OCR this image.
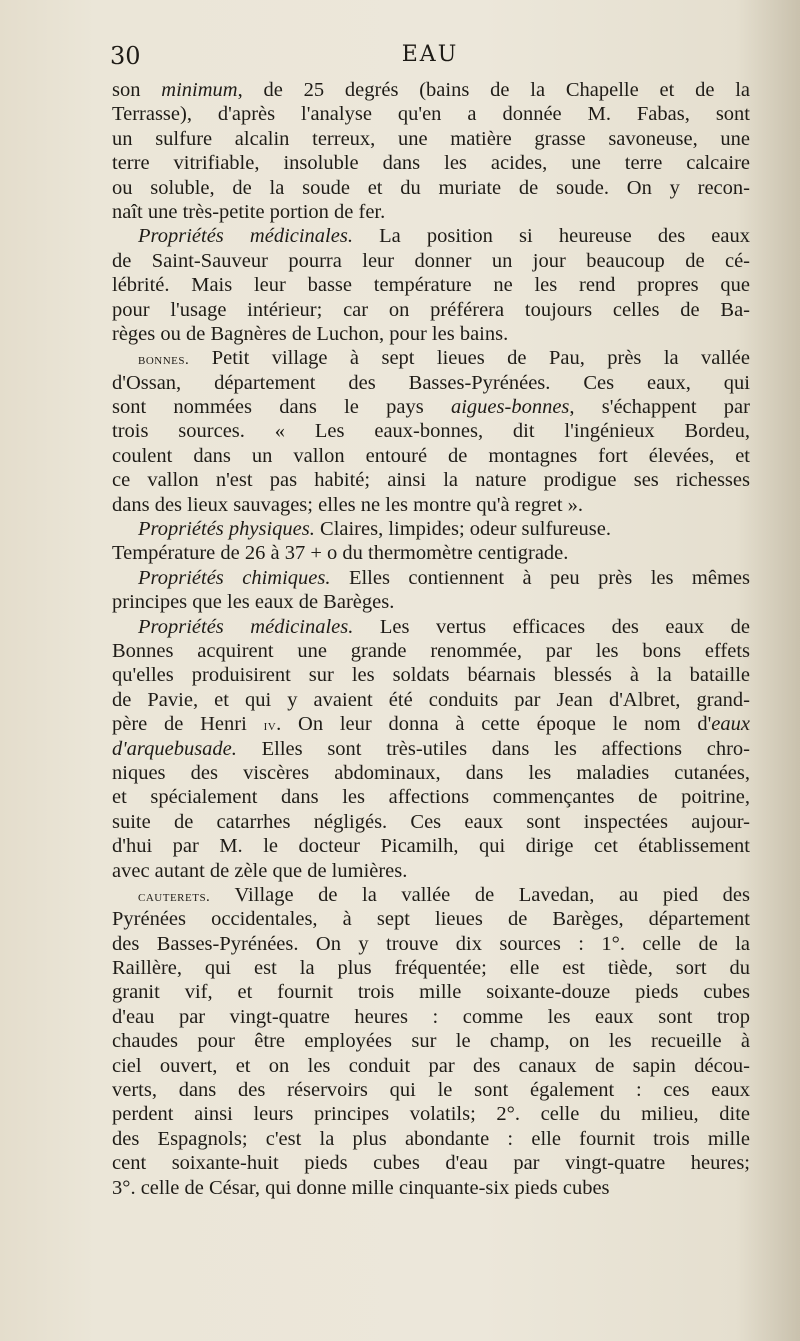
30	EAU
son minimum, de 25 degrés (bains de la Chapelle et de la
Terrasse), d'après l'analyse qu'en a donnée M. Fabas, sont
un sulfure alcalin terreux, une matière grasse savoneuse, une
terre vitrifiable, insoluble dans les acides, une terre calcaire
ou soluble, de la soude et du muriate de soude. On y recon-
naît une très-petite portion de fer.
Propriétés médicinales. La position si heureuse des eaux
de Saint-Sauveur pourra leur donner un jour beaucoup de cé-
lébrité. Mais leur basse température ne les rend propres que
pour l'usage intérieur; car on préférera toujours celles de Ba-
règes ou de Bagnères de Luchon, pour les bains.
bonnes. Petit village à sept lieues de Pau, près la vallée
d'Ossan, département des Basses-Pyrénées. Ces eaux, qui
sont nommées dans le pays aigues-bonnes, s'échappent par
trois sources. « Les eaux-bonnes, dit l'ingénieux Bordeu,
coulent dans un vallon entouré de montagnes fort élevées, et
ce vallon n'est pas habité; ainsi la nature prodigue ses richesses
dans des lieux sauvages; elles ne les montre qu'à regret ».
Propriétés physiques. Claires, limpides; odeur sulfureuse.
Température de 26 à 37 + o du thermomètre centigrade.
Propriétés chimiques. Elles contiennent à peu près les mêmes
principes que les eaux de Barèges.
Propriétés médicinales. Les vertus efficaces des eaux de
Bonnes acquirent une grande renommée, par les bons effets
qu'elles produisirent sur les soldats béarnais blessés à la bataille
de Pavie, et qui y avaient été conduits par Jean d'Albret, grand-
père de Henri iv. On leur donna à cette époque le nom d'eaux
d'arquebusade. Elles sont très-utiles dans les affections chro-
niques des viscères abdominaux, dans les maladies cutanées,
et spécialement dans les affections commençantes de poitrine,
suite de catarrhes négligés. Ces eaux sont inspectées aujour-
d'hui par M. le docteur Picamilh, qui dirige cet établissement
avec autant de zèle que de lumières.
cauterets. Village de la vallée de Lavedan, au pied des
Pyrénées occidentales, à sept lieues de Barèges, département
des Basses-Pyrénées. On y trouve dix sources : 1°. celle de la
Raillère, qui est la plus fréquentée; elle est tiède, sort du
granit vif, et fournit trois mille soixante-douze pieds cubes
d'eau par vingt-quatre heures : comme les eaux sont trop
chaudes pour être employées sur le champ, on les recueille à
ciel ouvert, et on les conduit par des canaux de sapin décou-
verts, dans des réservoirs qui le sont également : ces eaux
perdent ainsi leurs principes volatils; 2°. celle du milieu, dite
des Espagnols; c'est la plus abondante : elle fournit trois mille
cent soixante-huit pieds cubes d'eau par vingt-quatre heures;
3°. celle de César, qui donne mille cinquante-six pieds cubes
